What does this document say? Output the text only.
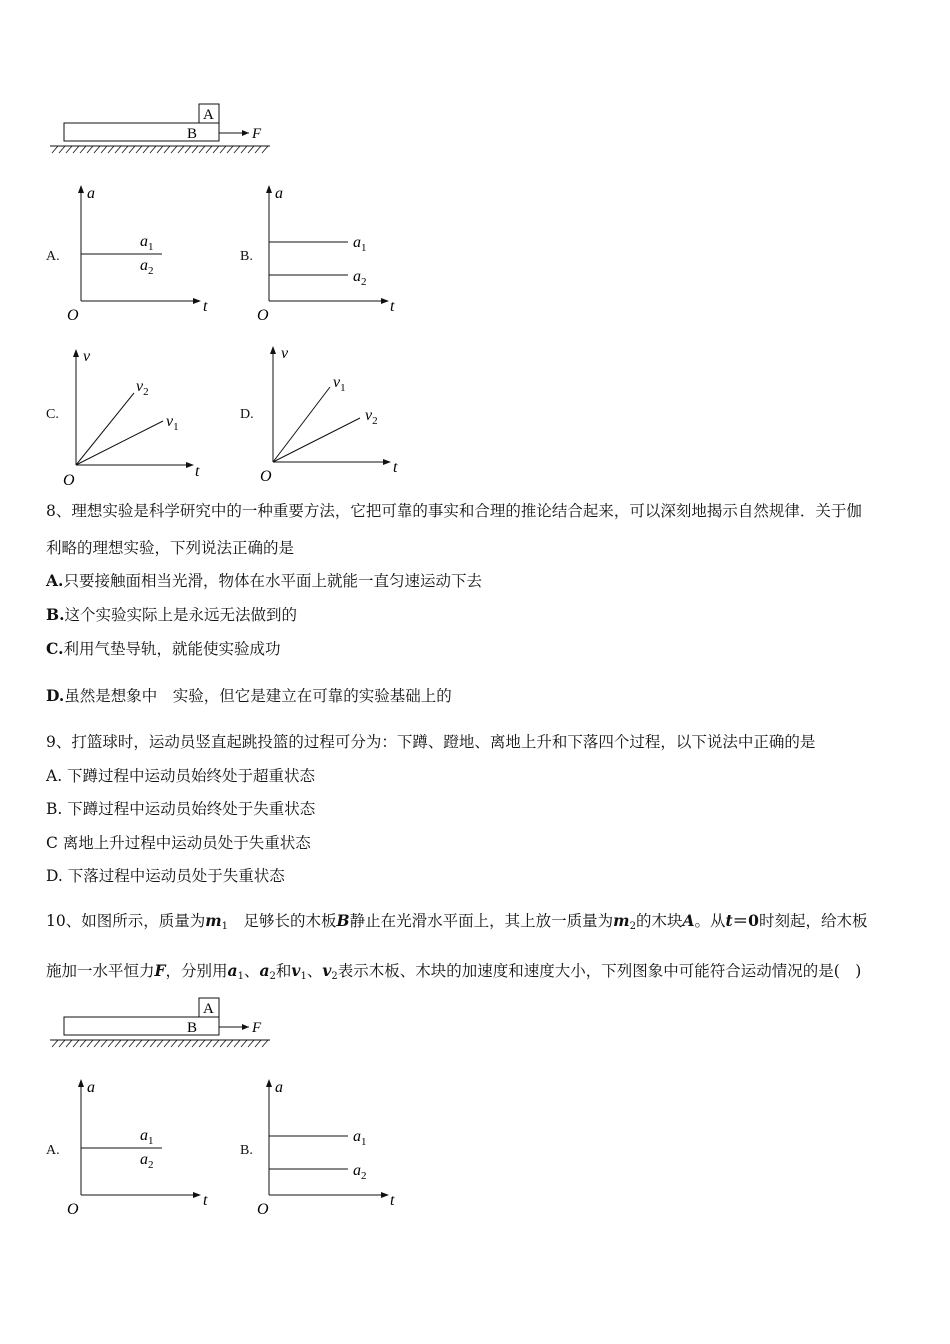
A
B	F
A.
a
t
O
$a_1$
$a_2$
B.
a
t
O
$a_1$
$a_2$
C.
v
t
O
$v_2$
$v_1$
D.
v
t
O
$v_1$
$v_2$
8、理想实验是科学研究中的一种重要方法，它把可靠的事实和合理的推论结合起来，可以深刻地揭示自然规律．关于伽
利略的理想实验，下列说法正确的是
A.只要接触面相当光滑，物体在水平面上就能一直匀速运动下去
B.这个实验实际上是永远无法做到的
C.利用气垫导轨，就能使实验成功
D.虽然是想象中　实验，但它是建立在可靠的实验基础上的
9、打篮球时，运动员竖直起跳投篮的过程可分为：下蹲、蹬地、离地上升和下落四个过程，以下说法中正确的是
A. 下蹲过程中运动员始终处于超重状态
B. 下蹲过程中运动员始终处于失重状态
C 离地上升过程中运动员处于失重状态
D. 下落过程中运动员处于失重状态
10、如图所示，质量为$m_1$　足够长的木板B静止在光滑水平面上，其上放一质量为$m_2$的木块A。从t＝0时刻起，给木板
施加一水平恒力F，分别用$a_1$、$a_2$和$v_1$、$v_2$表示木板、木块的加速度和速度大小，下列图象中可能符合运动情况的是(　)
A
B	F
A.
a
t
O
$a_1$
$a_2$
B.
a
t
O
$a_1$
$a_2$
